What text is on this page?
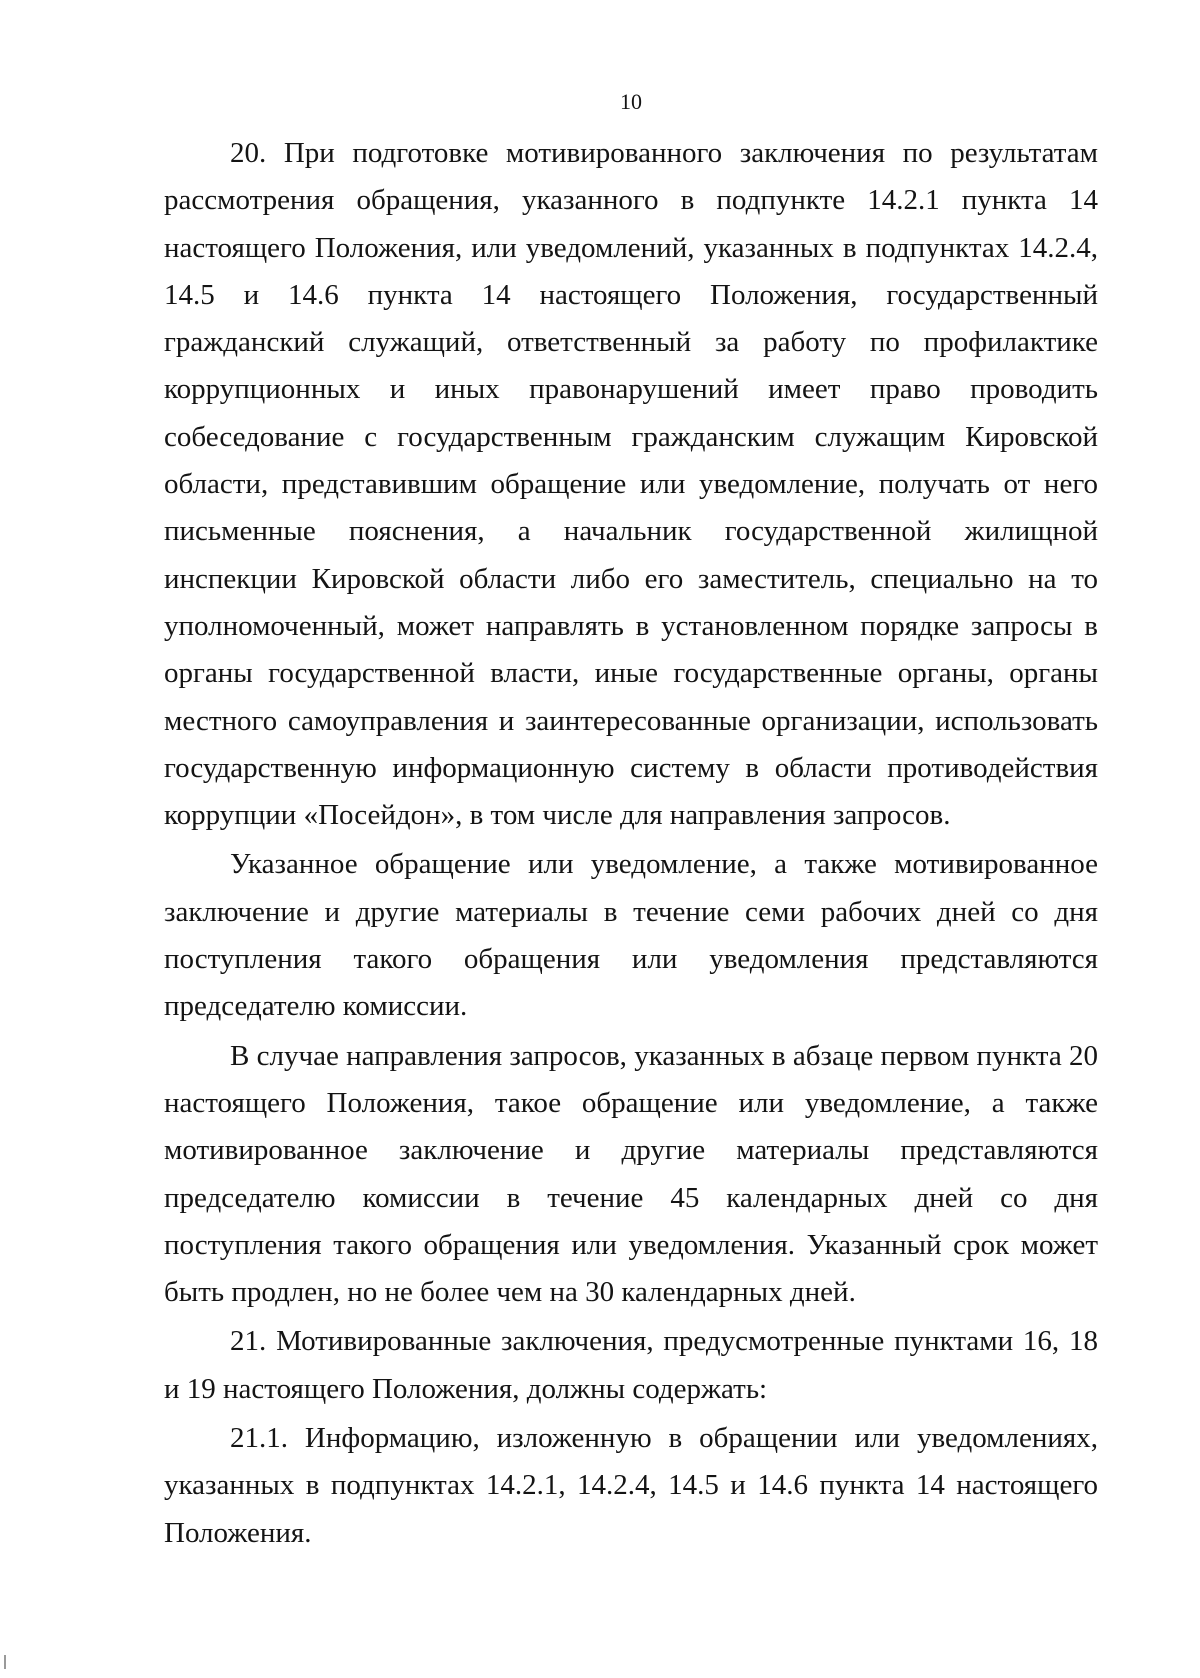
10

20. При подготовке мотивированного заключения по результатам рассмотрения обращения, указанного в подпункте 14.2.1 пункта 14 настоящего Положения, или уведомлений, указанных в подпунктах 14.2.4, 14.5 и 14.6 пункта 14 настоящего Положения, государственный гражданский служащий, ответственный за работу по профилактике коррупционных и иных правонарушений имеет право проводить собеседование с государственным гражданским служащим Кировской области, представившим обращение или уведомление, получать от него письменные пояснения, а начальник государственной жилищной инспекции Кировской области либо его заместитель, специально на то уполномоченный, может направлять в установленном порядке запросы в органы государственной власти, иные государственные органы, органы местного самоуправления и заинтересованные организации, использовать государственную информационную систему в области противодействия коррупции «Посейдон», в том числе для направления запросов.

Указанное обращение или уведомление, а также мотивированное заключение и другие материалы в течение семи рабочих дней со дня поступления такого обращения или уведомления представляются председателю комиссии.

В случае направления запросов, указанных в абзаце первом пункта 20 настоящего Положения, такое обращение или уведомление, а также мотивированное заключение и другие материалы представляются председателю комиссии в течение 45 календарных дней со дня поступления такого обращения или уведомления. Указанный срок может быть продлен, но не более чем на 30 календарных дней.

21. Мотивированные заключения, предусмотренные пунктами 16, 18 и 19 настоящего Положения, должны содержать:

21.1. Информацию, изложенную в обращении или уведомлениях, указанных в подпунктах 14.2.1, 14.2.4, 14.5 и 14.6 пункта 14 настоящего Положения.
